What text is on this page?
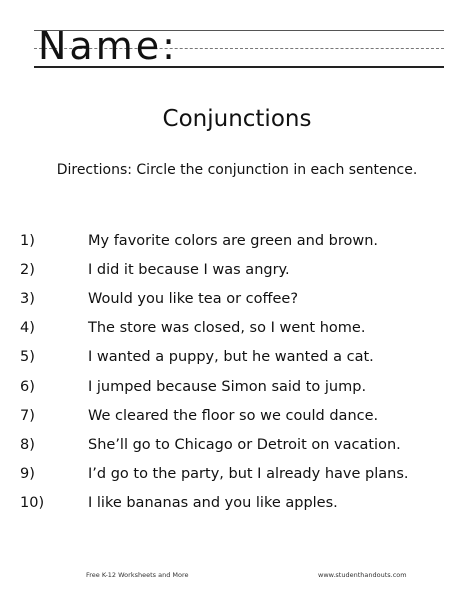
Name:
Conjunctions
Directions: Circle the conjunction in each sentence.
1)	My favorite colors are green and brown.
2)	I did it because I was angry.
3)	Would you like tea or coffee?
4)	The store was closed, so I went home.
5)	I wanted a puppy, but he wanted a cat.
6)	I jumped because Simon said to jump.
7)	We cleared the floor so we could dance.
8)	She’ll go to Chicago or Detroit on vacation.
9)	I’d go to the party, but I already have plans.
10)	I like bananas and you like apples.
Free K-12 Worksheets and More	www.studenthandouts.com
